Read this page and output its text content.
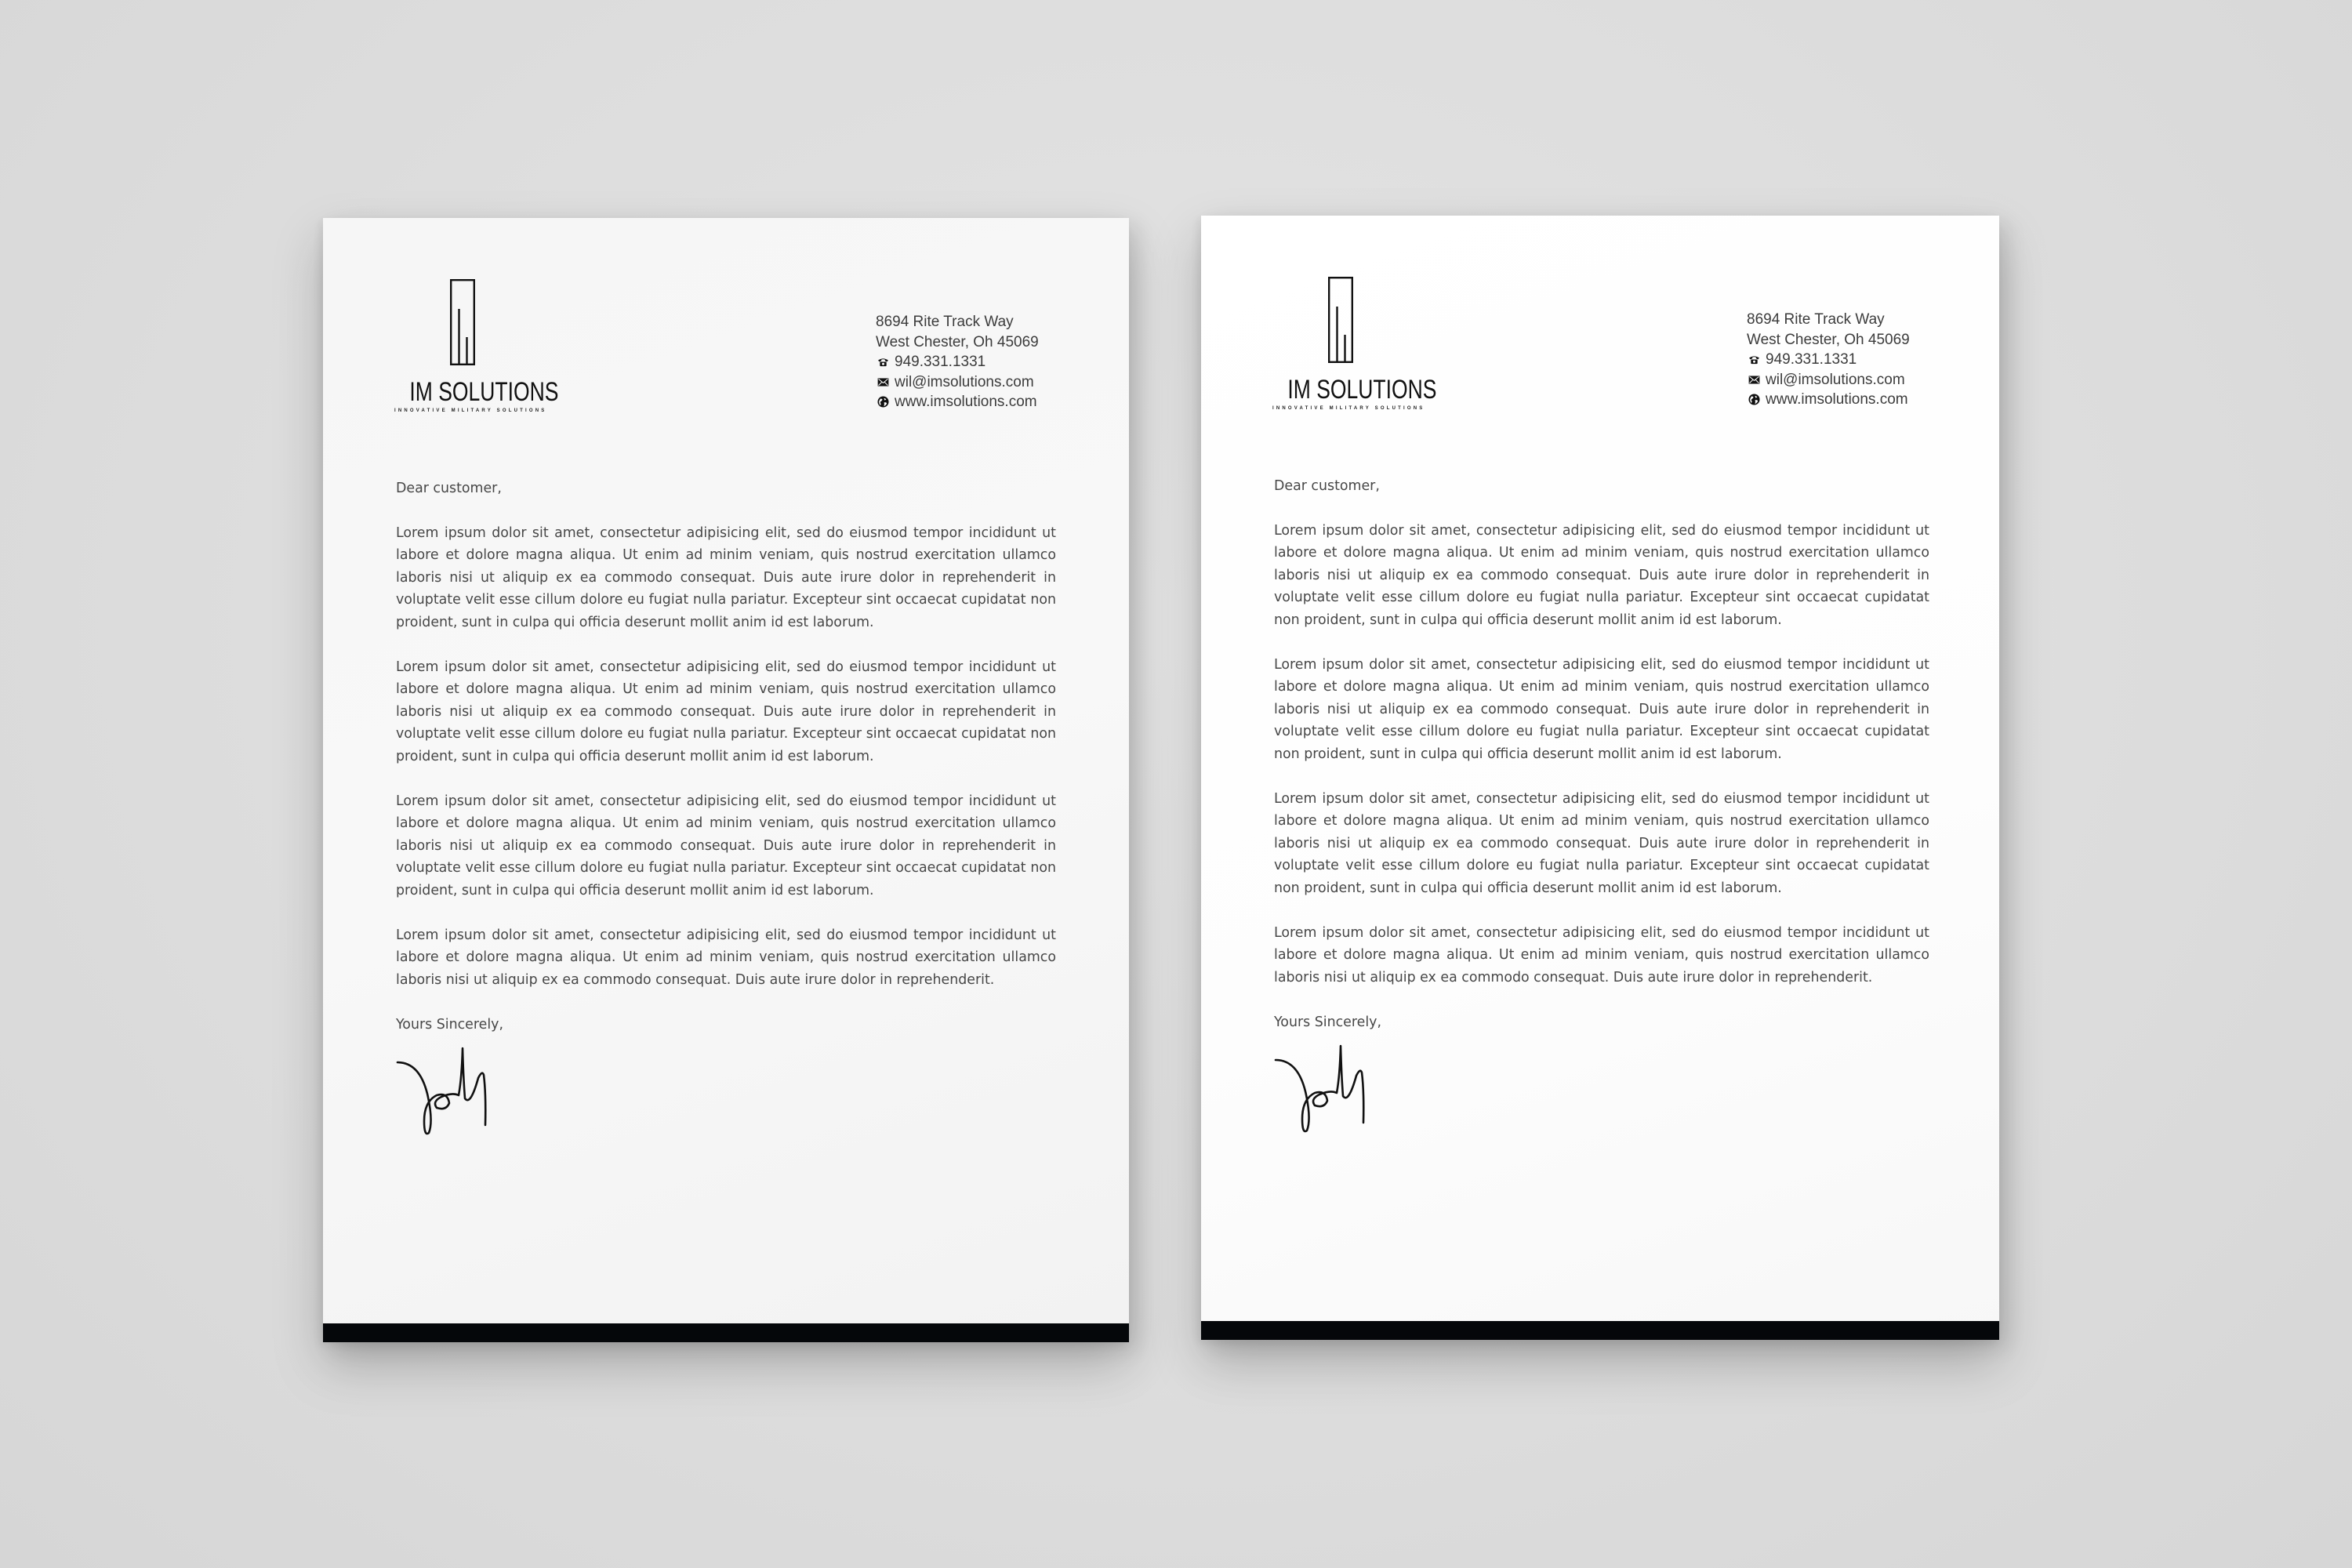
IM SOLUTIONS
INNOVATIVE MILITARY SOLUTIONS
8694 Rite Track Way
West Chester, Oh 45069
949.331.1331
wil@imsolutions.com
www.imsolutions.com

Dear customer,

Lorem ipsum dolor sit amet, consectetur adipisicing elit, sed do eiusmod tempor incididunt ut labore et dolore magna aliqua. Ut enim ad minim veniam, quis nostrud exercitation ullamco laboris nisi ut aliquip ex ea commodo consequat. Duis aute irure dolor in reprehenderit in voluptate velit esse cillum dolore eu fugiat nulla pariatur. Excepteur sint occaecat cupidatat non proident, sunt in culpa qui officia deserunt mollit anim id est laborum.

Lorem ipsum dolor sit amet, consectetur adipisicing elit, sed do eiusmod tempor incididunt ut labore et dolore magna aliqua. Ut enim ad minim veniam, quis nostrud exercitation ullamco laboris nisi ut aliquip ex ea commodo consequat. Duis aute irure dolor in reprehenderit in voluptate velit esse cillum dolore eu fugiat nulla pariatur. Excepteur sint occaecat cupidatat non proident, sunt in culpa qui officia deserunt mollit anim id est laborum.

Lorem ipsum dolor sit amet, consectetur adipisicing elit, sed do eiusmod tempor incididunt ut labore et dolore magna aliqua. Ut enim ad minim veniam, quis nostrud exercitation ullamco laboris nisi ut aliquip ex ea commodo consequat. Duis aute irure dolor in reprehenderit in voluptate velit esse cillum dolore eu fugiat nulla pariatur. Excepteur sint occaecat cupidatat non proident, sunt in culpa qui officia deserunt mollit anim id est laborum.

Lorem ipsum dolor sit amet, consectetur adipisicing elit, sed do eiusmod tempor incididunt ut labore et dolore magna aliqua. Ut enim ad minim veniam, quis nostrud exercitation ullamco laboris nisi ut aliquip ex ea commodo consequat. Duis aute irure dolor in reprehenderit.

Yours Sincerely,

IM SOLUTIONS
INNOVATIVE MILITARY SOLUTIONS
8694 Rite Track Way
West Chester, Oh 45069
949.331.1331
wil@imsolutions.com
www.imsolutions.com

Dear customer,

Lorem ipsum dolor sit amet, consectetur adipisicing elit, sed do eiusmod tempor incididunt ut labore et dolore magna aliqua. Ut enim ad minim veniam, quis nostrud exercitation ullamco laboris nisi ut aliquip ex ea commodo consequat. Duis aute irure dolor in reprehenderit in voluptate velit esse cillum dolore eu fugiat nulla pariatur. Excepteur sint occaecat cupidatat non proident, sunt in culpa qui officia deserunt mollit anim id est laborum.

Lorem ipsum dolor sit amet, consectetur adipisicing elit, sed do eiusmod tempor incididunt ut labore et dolore magna aliqua. Ut enim ad minim veniam, quis nostrud exercitation ullamco laboris nisi ut aliquip ex ea commodo consequat. Duis aute irure dolor in reprehenderit in voluptate velit esse cillum dolore eu fugiat nulla pariatur. Excepteur sint occaecat cupidatat non proident, sunt in culpa qui officia deserunt mollit anim id est laborum.

Lorem ipsum dolor sit amet, consectetur adipisicing elit, sed do eiusmod tempor incididunt ut labore et dolore magna aliqua. Ut enim ad minim veniam, quis nostrud exercitation ullamco laboris nisi ut aliquip ex ea commodo consequat. Duis aute irure dolor in reprehenderit in voluptate velit esse cillum dolore eu fugiat nulla pariatur. Excepteur sint occaecat cupidatat non proident, sunt in culpa qui officia deserunt mollit anim id est laborum.

Lorem ipsum dolor sit amet, consectetur adipisicing elit, sed do eiusmod tempor incididunt ut labore et dolore magna aliqua. Ut enim ad minim veniam, quis nostrud exercitation ullamco laboris nisi ut aliquip ex ea commodo consequat. Duis aute irure dolor in reprehenderit.

Yours Sincerely,
